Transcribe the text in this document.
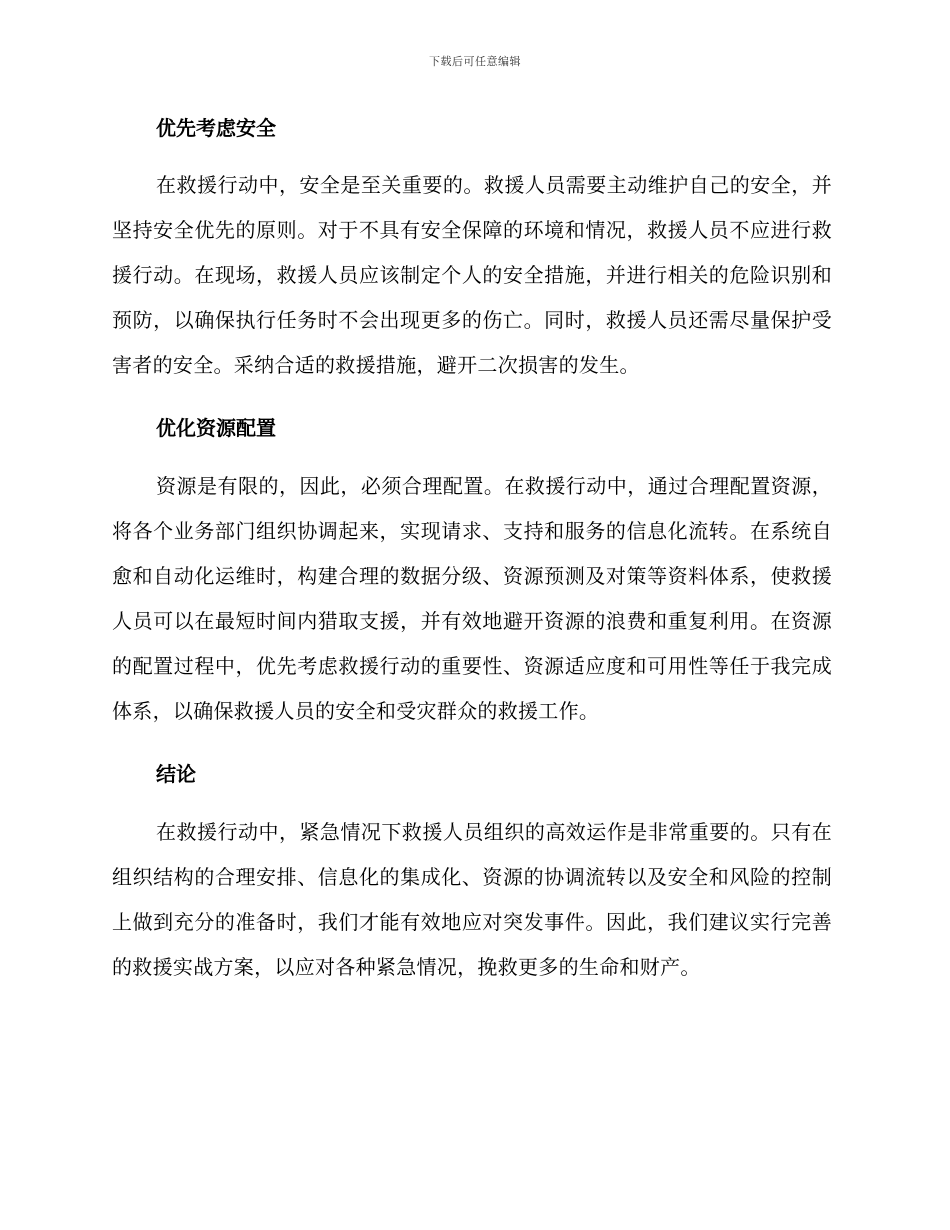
下载后可任意编辑
优先考虑安全

在救援行动中，安全是至关重要的。救援人员需要主动维护自己的安全，并坚持安全优先的原则。对于不具有安全保障的环境和情况，救援人员不应进行救援行动。在现场，救援人员应该制定个人的安全措施，并进行相关的危险识别和预防，以确保执行任务时不会出现更多的伤亡。同时，救援人员还需尽量保护受害者的安全。采纳合适的救援措施，避开二次损害的发生。

优化资源配置

资源是有限的，因此，必须合理配置。在救援行动中，通过合理配置资源，将各个业务部门组织协调起来，实现请求、支持和服务的信息化流转。在系统自愈和自动化运维时，构建合理的数据分级、资源预测及对策等资料体系，使救援人员可以在最短时间内猎取支援，并有效地避开资源的浪费和重复利用。在资源的配置过程中，优先考虑救援行动的重要性、资源适应度和可用性等任于我完成体系，以确保救援人员的安全和受灾群众的救援工作。

结论

在救援行动中，紧急情况下救援人员组织的高效运作是非常重要的。只有在组织结构的合理安排、信息化的集成化、资源的协调流转以及安全和风险的控制上做到充分的准备时，我们才能有效地应对突发事件。因此，我们建议实行完善的救援实战方案，以应对各种紧急情况，挽救更多的生命和财产。
